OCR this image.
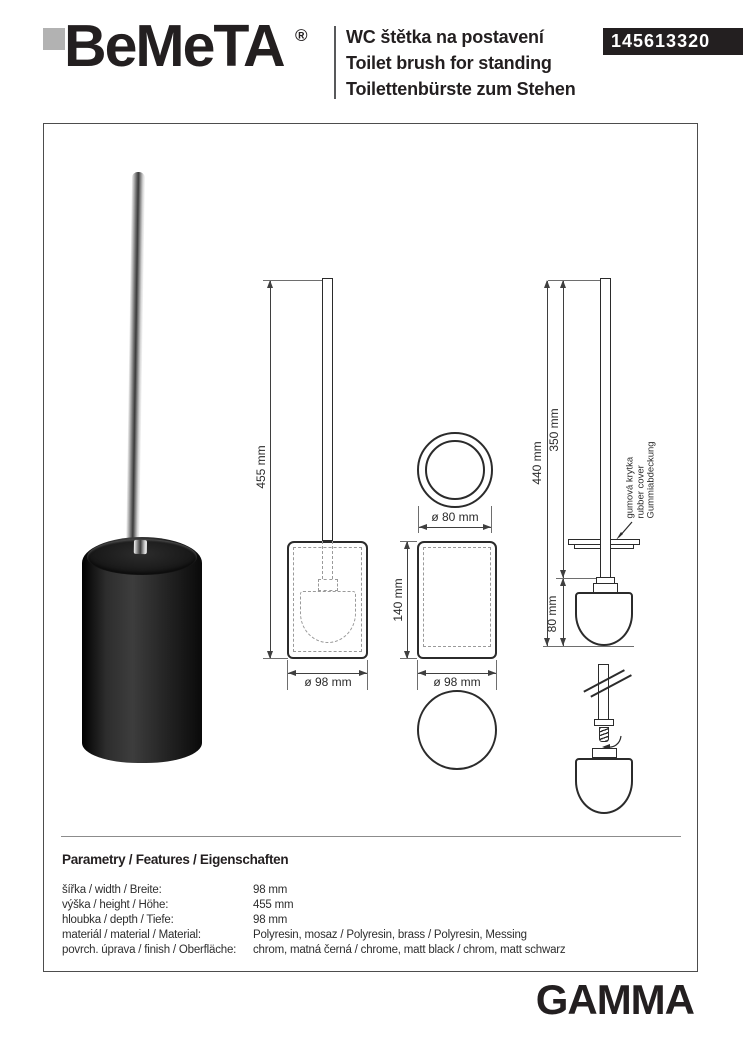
BeMeTA ® WC štětka na postavení
Toilet brush for standing
Toilettenbürste zum Stehen
145613320
455 mm
ø 98 mm
ø 80 mm
140 mm
ø 98 mm
440 mm
350 mm
80 mm
gumová krytka rubber cover Gummiabdeckung
Parametry / Features / Eigenschaften
šířka / width / Breite:	98 mm
výška / height / Höhe:	455 mm
hloubka / depth / Tiefe:	98 mm
materiál / material / Material:	Polyresin, mosaz / Polyresin, brass / Polyresin, Messing
povrch. úprava / finish / Oberfläche: chrom, matná černá / chrome, matt black / chrom, matt schwarz
GAMMA
